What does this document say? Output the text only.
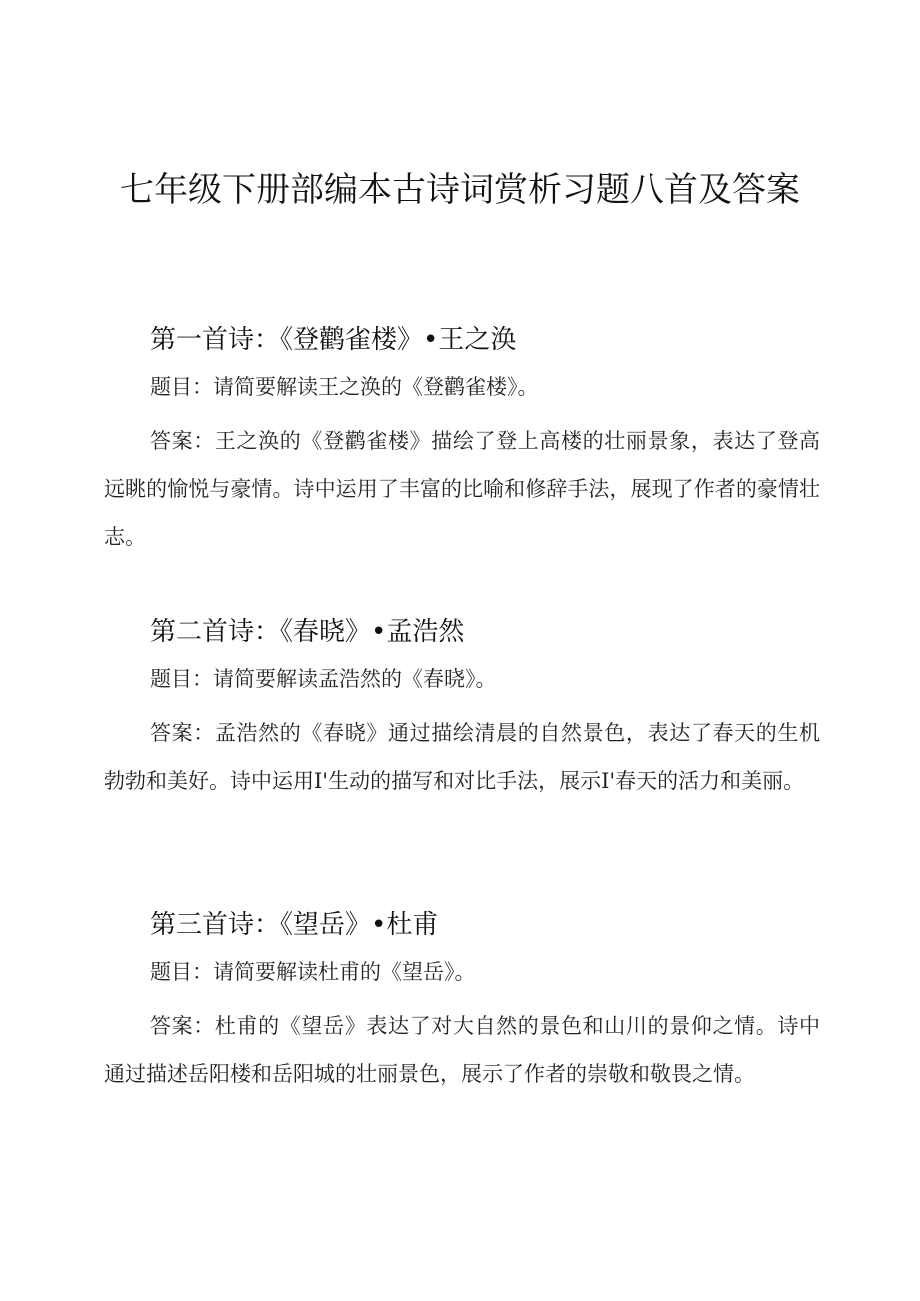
七年级下册部编本古诗词赏析习题八首及答案
第一首诗：《登鹳雀楼》•王之涣

题目：请简要解读王之涣的《登鹳雀楼》。

答案：王之涣的《登鹳雀楼》描绘了登上高楼的壮丽景象，表达了登高远眺的愉悦与豪情。诗中运用了丰富的比喻和修辞手法，展现了作者的豪情壮志。

第二首诗：《春晓》•孟浩然

题目：请简要解读孟浩然的《春晓》。

答案：孟浩然的《春晓》通过描绘清晨的自然景色，表达了春天的生机勃勃和美好。诗中运用I'生动的描写和对比手法，展示I'春天的活力和美丽。

第三首诗：《望岳》•杜甫

题目：请简要解读杜甫的《望岳》。

答案：杜甫的《望岳》表达了对大自然的景色和山川的景仰之情。诗中通过描述岳阳楼和岳阳城的壮丽景色，展示了作者的崇敬和敬畏之情。
